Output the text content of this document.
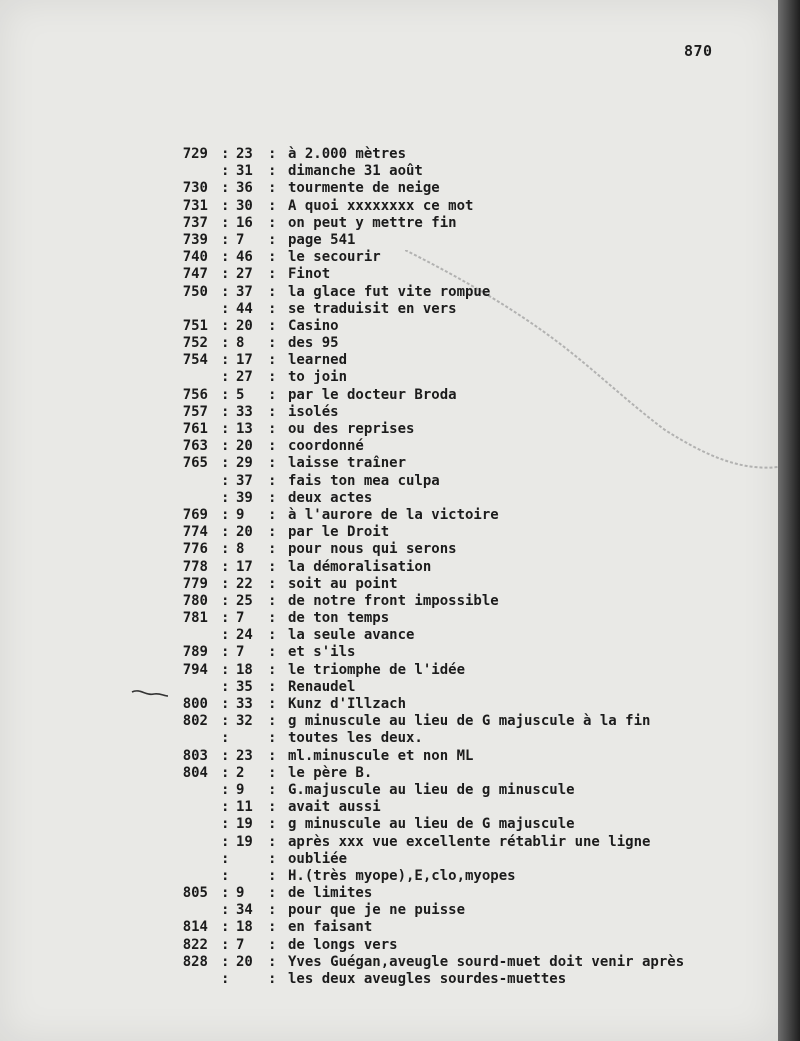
870
729 : 23	: à 2.000 mètres
: 31	: dimanche 31 août
730 : 36	: tourmente de neige
731 : 30	: A quoi xxxxxxxx ce mot
737 : 16	: on peut y mettre fin
739 : 7	: page 541
740 : 46	: le secourir
747 : 27	: Finot
750 : 37	: la glace fut vite rompue
: 44	: se traduisit en vers
751 : 20	: Casino
752 : 8	: des 95
754 : 17	: learned
: 27	: to join
756 : 5	: par le docteur Broda
757 : 33	: isolés
761 : 13	: ou des reprises
763 : 20	: coordonné
765 : 29	: laisse traîner
: 37	: fais ton mea culpa
: 39	: deux actes
769 : 9	: à l'aurore de la victoire
774 : 20	: par le Droit
776 : 8	: pour nous qui serons
778 : 17	: la démoralisation
779 : 22	: soit au point
780 : 25	: de notre front impossible
781 : 7	: de ton temps
: 24	: la seule avance
789 : 7	: et s'ils
794 : 18	: le triomphe de l'idée
: 35	: Renaudel
800 : 33	: Kunz d'Illzach
802 : 32	: g minuscule au lieu de G majuscule à la fin
:	: toutes les deux.
803 : 23	: ml.minuscule et non ML
804 : 2	: le père B.
: 9	: G.majuscule au lieu de g minuscule
: 11	: avait aussi
: 19	: g minuscule au lieu de G majuscule
: 19	: après xxx vue excellente rétablir une ligne
:	: oubliée
:	: H.(très myope),E,clo,myopes
805 : 9	: de limites
: 34	: pour que je ne puisse
814 : 18	: en faisant
822 : 7	: de longs vers
828 : 20	: Yves Guégan,aveugle sourd-muet doit venir après
:	: les deux aveugles sourdes-muettes
